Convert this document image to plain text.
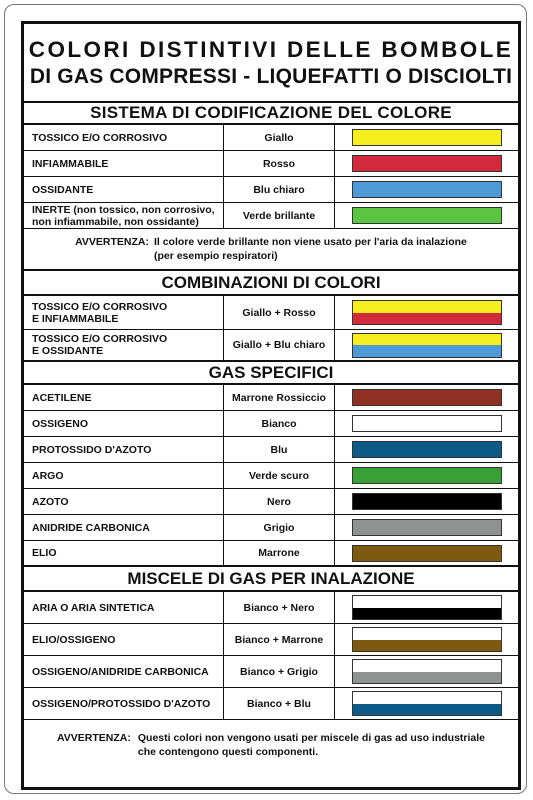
COLORI DISTINTIVI DELLE BOMBOLE
DI GAS COMPRESSI - LIQUEFATTI O DISCIOLTI
SISTEMA DI CODIFICAZIONE DEL COLORE
TOSSICO E/O CORROSIVO	Giallo
INFIAMMABILE	Rosso
OSSIDANTE	Blu chiaro
INERTE (non tossico, non corrosivo,
non infiammabile, non ossidante)	Verde brillante
AVVERTENZA: Il colore verde brillante non viene usato per l'aria da inalazione
(per esempio respiratori)
COMBINAZIONI DI COLORI
TOSSICO E/O CORROSIVO
E INFIAMMABILE	Giallo + Rosso
TOSSICO E/O CORROSIVO
E OSSIDANTE	Giallo + Blu chiaro
GAS SPECIFICI
ACETILENE	Marrone Rossiccio
OSSIGENO	Bianco
PROTOSSIDO D'AZOTO	Blu
ARGO	Verde scuro
AZOTO	Nero
ANIDRIDE CARBONICA	Grigio
ELIO	Marrone
MISCELE DI GAS PER INALAZIONE
ARIA O ARIA SINTETICA	Bianco + Nero
ELIO/OSSIGENO	Bianco + Marrone
OSSIGENO/ANIDRIDE CARBONICA	Bianco + Grigio
OSSIGENO/PROTOSSIDO D'AZOTO	Bianco + Blu
AVVERTENZA: Questi colori non vengono usati per miscele di gas ad uso industriale
che contengono questi componenti.
